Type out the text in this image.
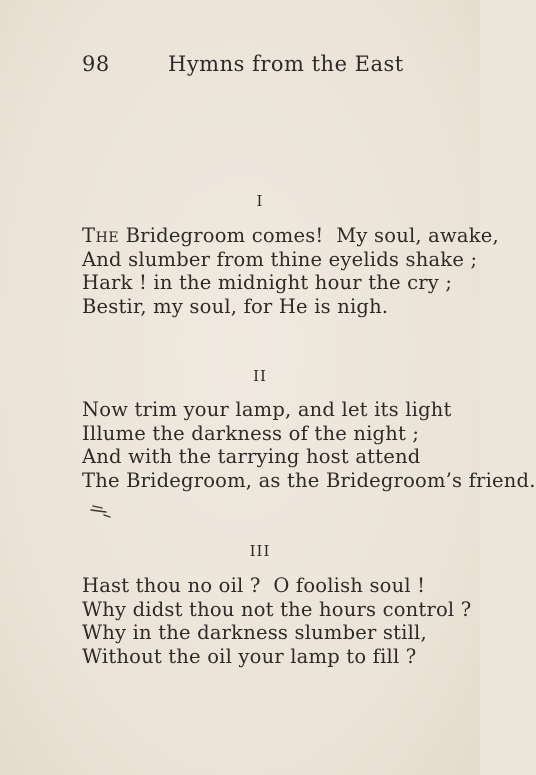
98	Hymns from the East
I
The Bridegroom comes!  My soul, awake,
And slumber from thine eyelids shake ;
Hark ! in the midnight hour the cry ;
Bestir, my soul, for He is nigh.
II
Now trim your lamp, and let its light
Illume the darkness of the night ;
And with the tarrying host attend
The Bridegroom, as the Bridegroom’s friend.
III
Hast thou no oil ?  O foolish soul !
Why didst thou not the hours control ?
Why in the darkness slumber still,
Without the oil your lamp to fill ?
